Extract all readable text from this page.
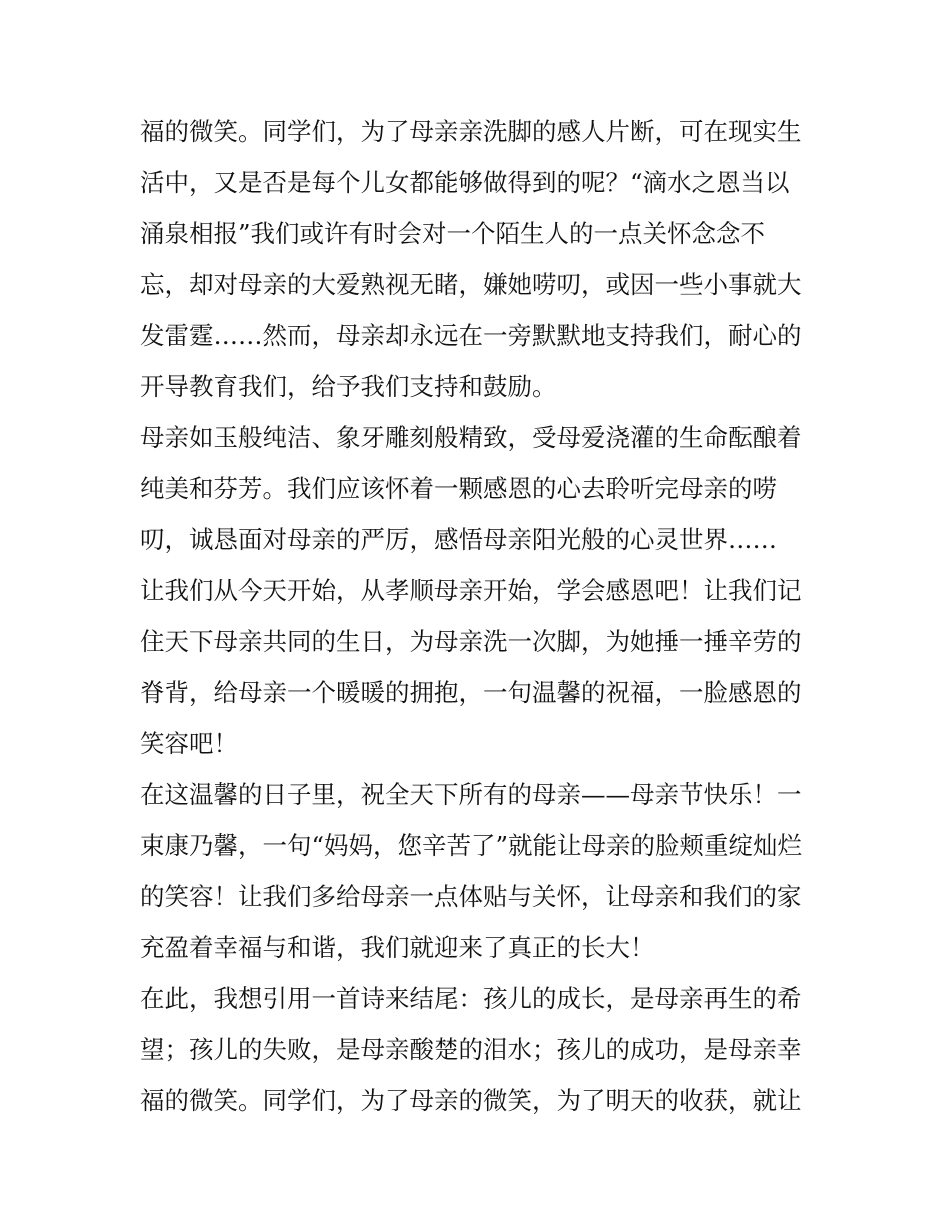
福的微笑。同学们，为了母亲亲洗脚的感人片断，可在现实生
活中，又是否是每个儿女都能够做得到的呢？“滴水之恩当以
涌泉相报”我们或许有时会对一个陌生人的一点关怀念念不
忘，却对母亲的大爱熟视无睹，嫌她唠叨，或因一些小事就大
发雷霆……然而，母亲却永远在一旁默默地支持我们，耐心的
开导教育我们，给予我们支持和鼓励。
母亲如玉般纯洁、象牙雕刻般精致，受母爱浇灌的生命酝酿着
纯美和芬芳。我们应该怀着一颗感恩的心去聆听完母亲的唠
叨，诚恳面对母亲的严厉，感悟母亲阳光般的心灵世界……
让我们从今天开始，从孝顺母亲开始，学会感恩吧！让我们记
住天下母亲共同的生日，为母亲洗一次脚，为她捶一捶辛劳的
脊背，给母亲一个暖暖的拥抱，一句温馨的祝福，一脸感恩的
笑容吧！
在这温馨的日子里，祝全天下所有的母亲——母亲节快乐！一
束康乃馨，一句“妈妈，您辛苦了”就能让母亲的脸颊重绽灿烂
的笑容！让我们多给母亲一点体贴与关怀，让母亲和我们的家
充盈着幸福与和谐，我们就迎来了真正的长大！
在此，我想引用一首诗来结尾：孩儿的成长，是母亲再生的希
望；孩儿的失败，是母亲酸楚的泪水；孩儿的成功，是母亲幸
福的微笑。同学们，为了母亲的微笑，为了明天的收获，就让
